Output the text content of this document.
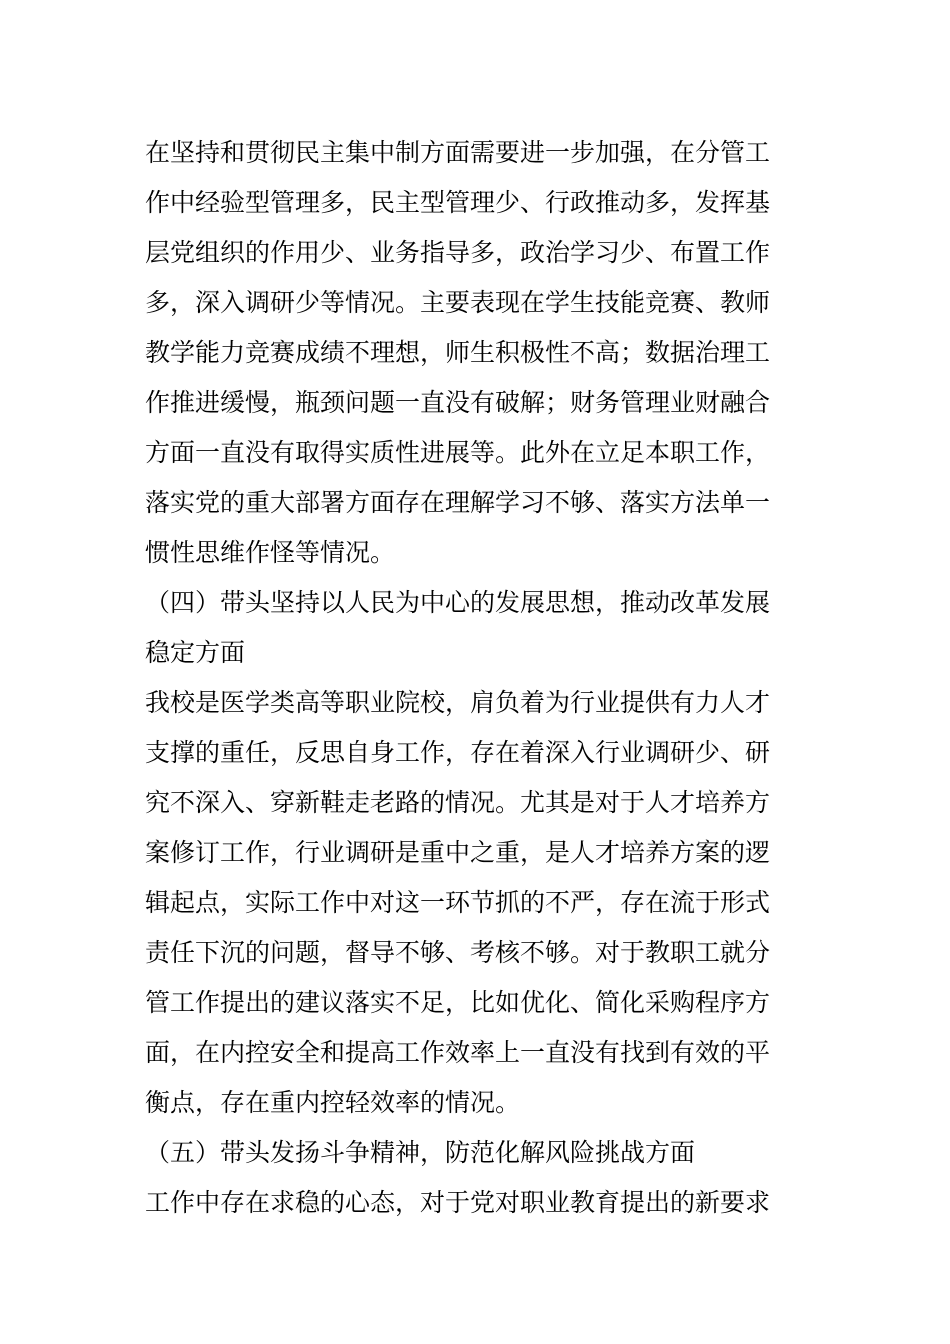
在坚持和贯彻民主集中制方面需要进一步加强，在分管工
作中经验型管理多，民主型管理少、行政推动多，发挥基
层党组织的作用少、业务指导多，政治学习少、布置工作
多，深入调研少等情况。主要表现在学生技能竞赛、教师
教学能力竞赛成绩不理想，师生积极性不高；数据治理工
作推进缓慢，瓶颈问题一直没有破解；财务管理业财融合
方面一直没有取得实质性进展等。此外在立足本职工作，
落实党的重大部署方面存在理解学习不够、落实方法单一
惯性思维作怪等情况。
（四）带头坚持以人民为中心的发展思想，推动改革发展
稳定方面
我校是医学类高等职业院校，肩负着为行业提供有力人才
支撑的重任，反思自身工作，存在着深入行业调研少、研
究不深入、穿新鞋走老路的情况。尤其是对于人才培养方
案修订工作，行业调研是重中之重，是人才培养方案的逻
辑起点，实际工作中对这一环节抓的不严，存在流于形式
责任下沉的问题，督导不够、考核不够。对于教职工就分
管工作提出的建议落实不足，比如优化、简化采购程序方
面，在内控安全和提高工作效率上一直没有找到有效的平
衡点，存在重内控轻效率的情况。
（五）带头发扬斗争精神，防范化解风险挑战方面
工作中存在求稳的心态，对于党对职业教育提出的新要求
